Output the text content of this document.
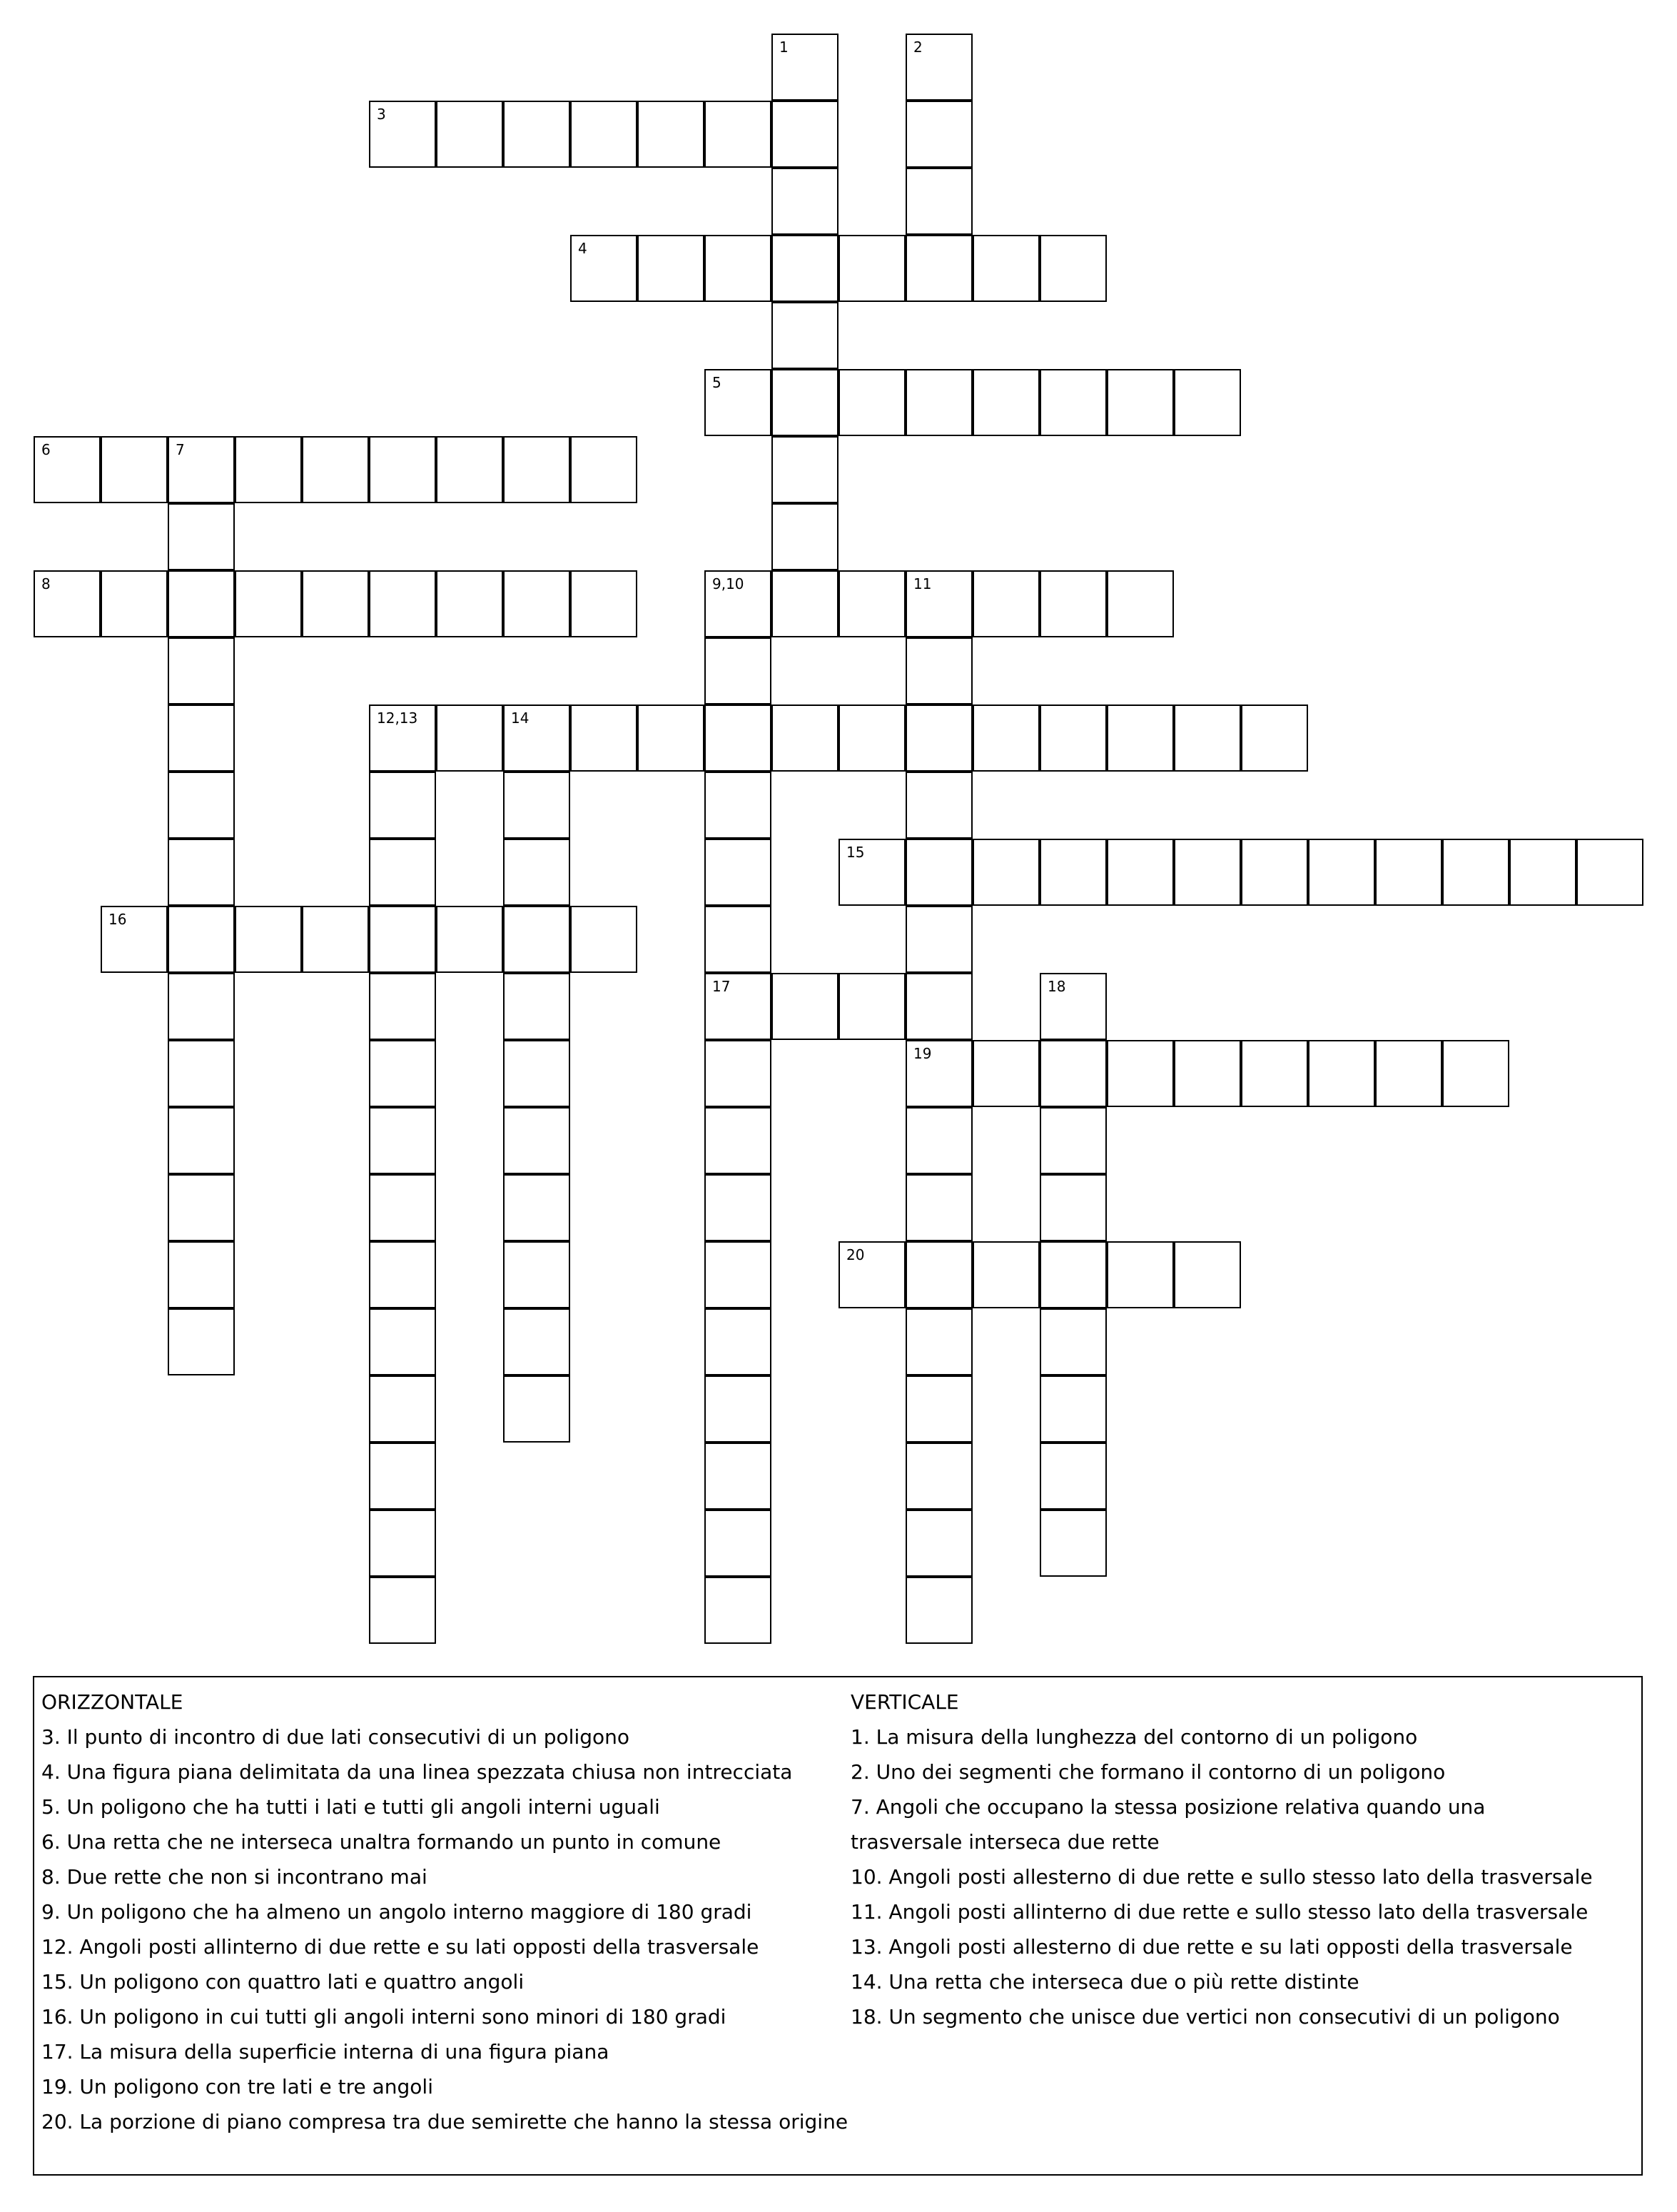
1	2
3
4
5
6	7
8	9,10	11
12,13	14
15
16
17	18
19
20
ORIZZONTALE
3. Il punto di incontro di due lati consecutivi di un poligono
4. Una figura piana delimitata da una linea spezzata chiusa non intrecciata
5. Un poligono che ha tutti i lati e tutti gli angoli interni uguali
6. Una retta che ne interseca unaltra formando un punto in comune
8. Due rette che non si incontrano mai
9. Un poligono che ha almeno un angolo interno maggiore di 180 gradi
12. Angoli posti allinterno di due rette e su lati opposti della trasversale
15. Un poligono con quattro lati e quattro angoli
16. Un poligono in cui tutti gli angoli interni sono minori di 180 gradi
17. La misura della superficie interna di una figura piana
19. Un poligono con tre lati e tre angoli
20. La porzione di piano compresa tra due semirette che hanno la stessa origine
VERTICALE
1. La misura della lunghezza del contorno di un poligono
2. Uno dei segmenti che formano il contorno di un poligono
7. Angoli che occupano la stessa posizione relativa quando una trasversale interseca due rette
10. Angoli posti allesterno di due rette e sullo stesso lato della trasversale
11. Angoli posti allinterno di due rette e sullo stesso lato della trasversale
13. Angoli posti allesterno di due rette e su lati opposti della trasversale
14. Una retta che interseca due o più rette distinte
18. Un segmento che unisce due vertici non consecutivi di un poligono
